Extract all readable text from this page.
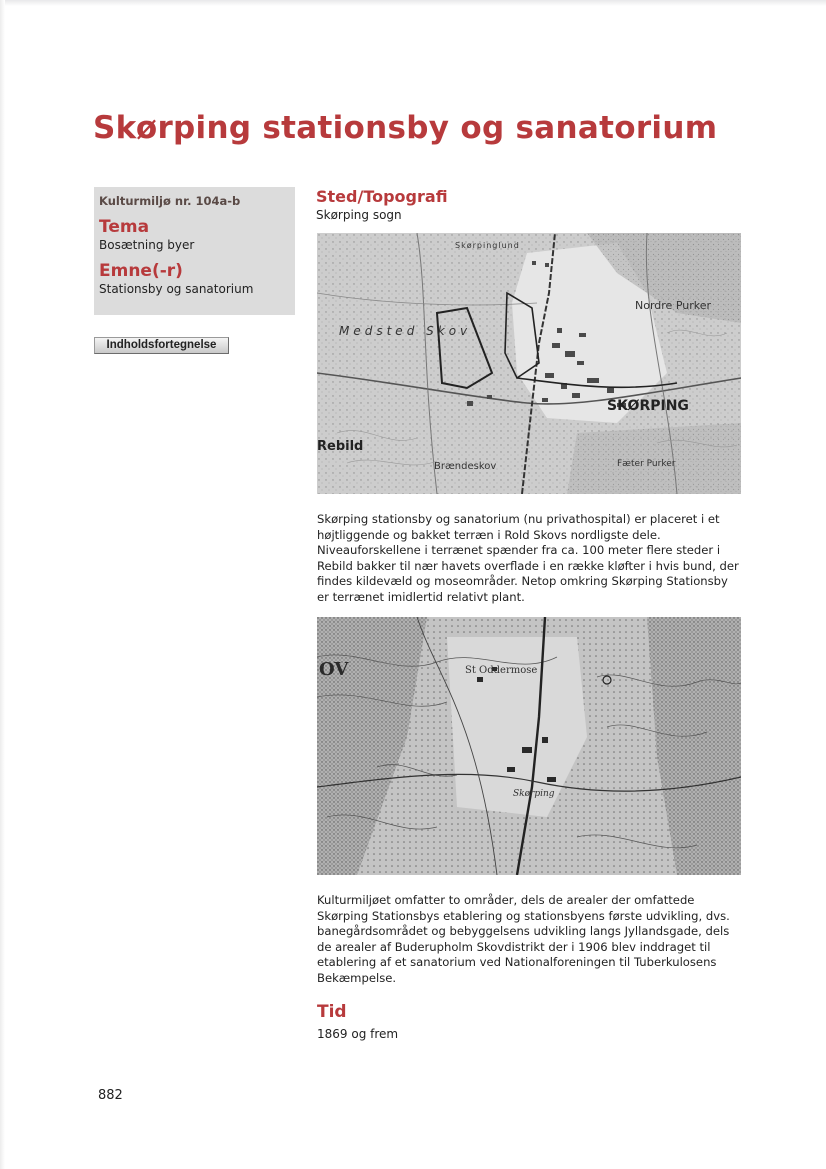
Skørping stationsby og sanatorium
Kulturmiljø nr. 104a-b
Tema
Bosætning byer
Emne(-r)
Stationsby og sanatorium
Indholdsfortegnelse
Sted/Topografi
Skørping sogn
Skørpinglund
Medsted Skov
Nordre Purker
SKØRPING
Rebild
Brændeskov	Fæter Purker
Skørping stationsby og sanatorium (nu privathospital) er placeret i et højtliggende og bakket terræn i Rold Skovs nordligste dele. Niveauforskellene i terrænet spænder fra ca. 100 meter flere steder i Rebild bakker til nær havets overflade i en række kløfter i hvis bund, der findes kildevæld og moseområder. Netop omkring Skørping Stationsby er terrænet imidlertid relativt plant.
OV	St Oddermose
Skørping
Kulturmiljøet omfatter to områder, dels de arealer der omfattede Skørping Stationsbys etablering og stationsbyens første udvikling, dvs. banegårdsområdet og bebyggelsens udvikling langs Jyllandsgade, dels de arealer af Buderupholm Skovdistrikt der i 1906 blev inddraget til etablering af et sanatorium ved Nationalforeningen til Tuberkulosens Bekæmpelse.
Tid
1869 og frem
882
